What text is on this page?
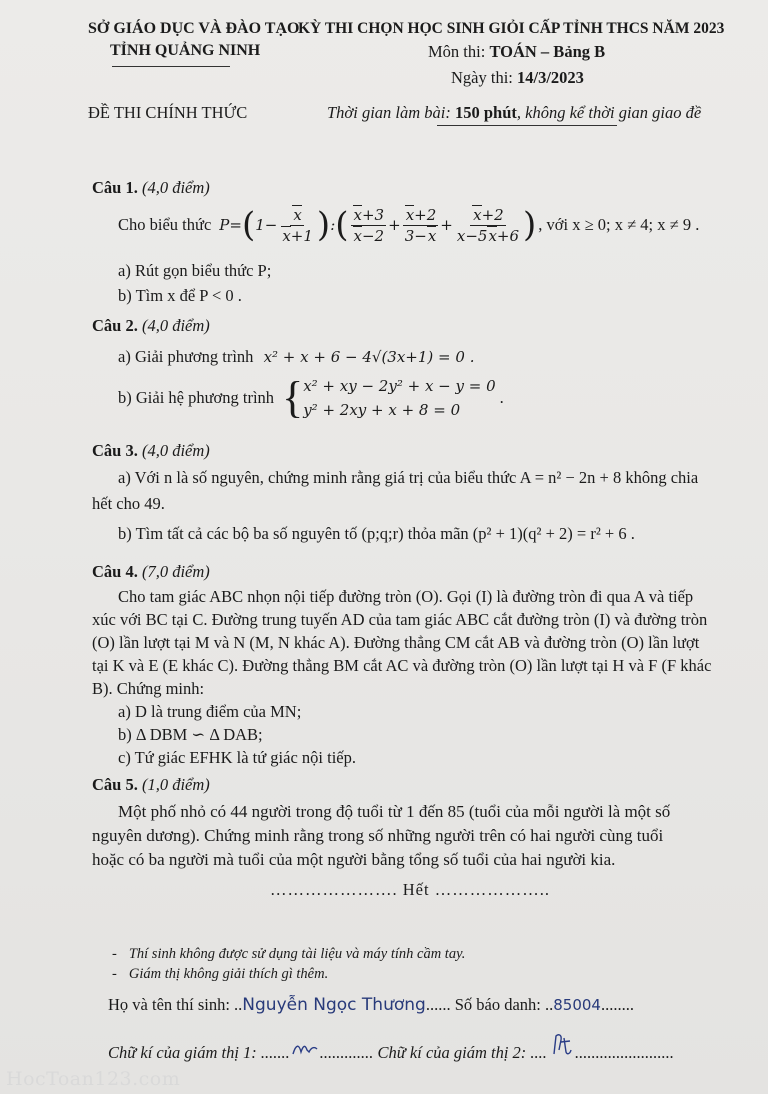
SỞ GIÁO DỤC VÀ ĐÀO TẠO
TỈNH QUẢNG NINH
KỲ THI CHỌN HỌC SINH GIỎI CẤP TỈNH THCS NĂM 2023
Môn thi: TOÁN – Bảng B
Ngày thi: 14/3/2023
ĐỀ THI CHÍNH THỨC	Thời gian làm bài: 150 phút, không kể thời gian giao đề
Câu 1. (4,0 điểm)
Cho biểu thức P= ( $1- \frac{x}{x+1}$ ) : ( $\frac{x+3}{x-2} + \frac{x+2}{3-x} + \frac{x+2}{x-5x+6}$ ) , với x ≥ 0; x ≠ 4; x ≠ 9 .
a) Rút gọn biểu thức P;
b) Tìm x để P < 0 .
Câu 2. (4,0 điểm)
a) Giải phương trình x² + x + 6 − 4√(3x+1) = 0 .
b) Giải hệ phương trình { x² + xy − 2y² + x − y = 0
y² + 2xy + x + 8 = 0
.
Câu 3. (4,0 điểm)
a) Với n là số nguyên, chứng minh rằng giá trị của biểu thức A = n² − 2n + 8 không chia
hết cho 49.
b) Tìm tất cả các bộ ba số nguyên tố (p;q;r) thỏa mãn (p² + 1)(q² + 2) = r² + 6 .
Câu 4. (7,0 điểm)
Cho tam giác ABC nhọn nội tiếp đường tròn (O). Gọi (I) là đường tròn đi qua A và tiếp
xúc với BC tại C. Đường trung tuyến AD của tam giác ABC cắt đường tròn (I) và đường tròn
(O) lần lượt tại M và N (M, N khác A). Đường thẳng CM cắt AB và đường tròn (O) lần lượt
tại K và E (E khác C). Đường thẳng BM cắt AC và đường tròn (O) lần lượt tại H và F (F khác
B). Chứng minh:
a) D là trung điểm của MN;
b) Δ DBM ∽ Δ DAB;
c) Tứ giác EFHK là tứ giác nội tiếp.
Câu 5. (1,0 điểm)
Một phố nhỏ có 44 người trong độ tuổi từ 1 đến 85 (tuổi của mỗi người là một số
nguyên dương). Chứng minh rằng trong số những người trên có hai người cùng tuổi
hoặc có ba người mà tuổi của một người bằng tổng số tuổi của hai người kia.
…………………. Hết ………………..
- Thí sinh không được sử dụng tài liệu và máy tính cầm tay.
- Giám thị không giải thích gì thêm.
Họ và tên thí sinh: .. Nguyễn Ngọc Thương ...... Số báo danh: .. 85004 ........
Chữ kí của giám thị 1: ....... ............. Chữ kí của giám thị 2: .... ........................
HocToan123.com
